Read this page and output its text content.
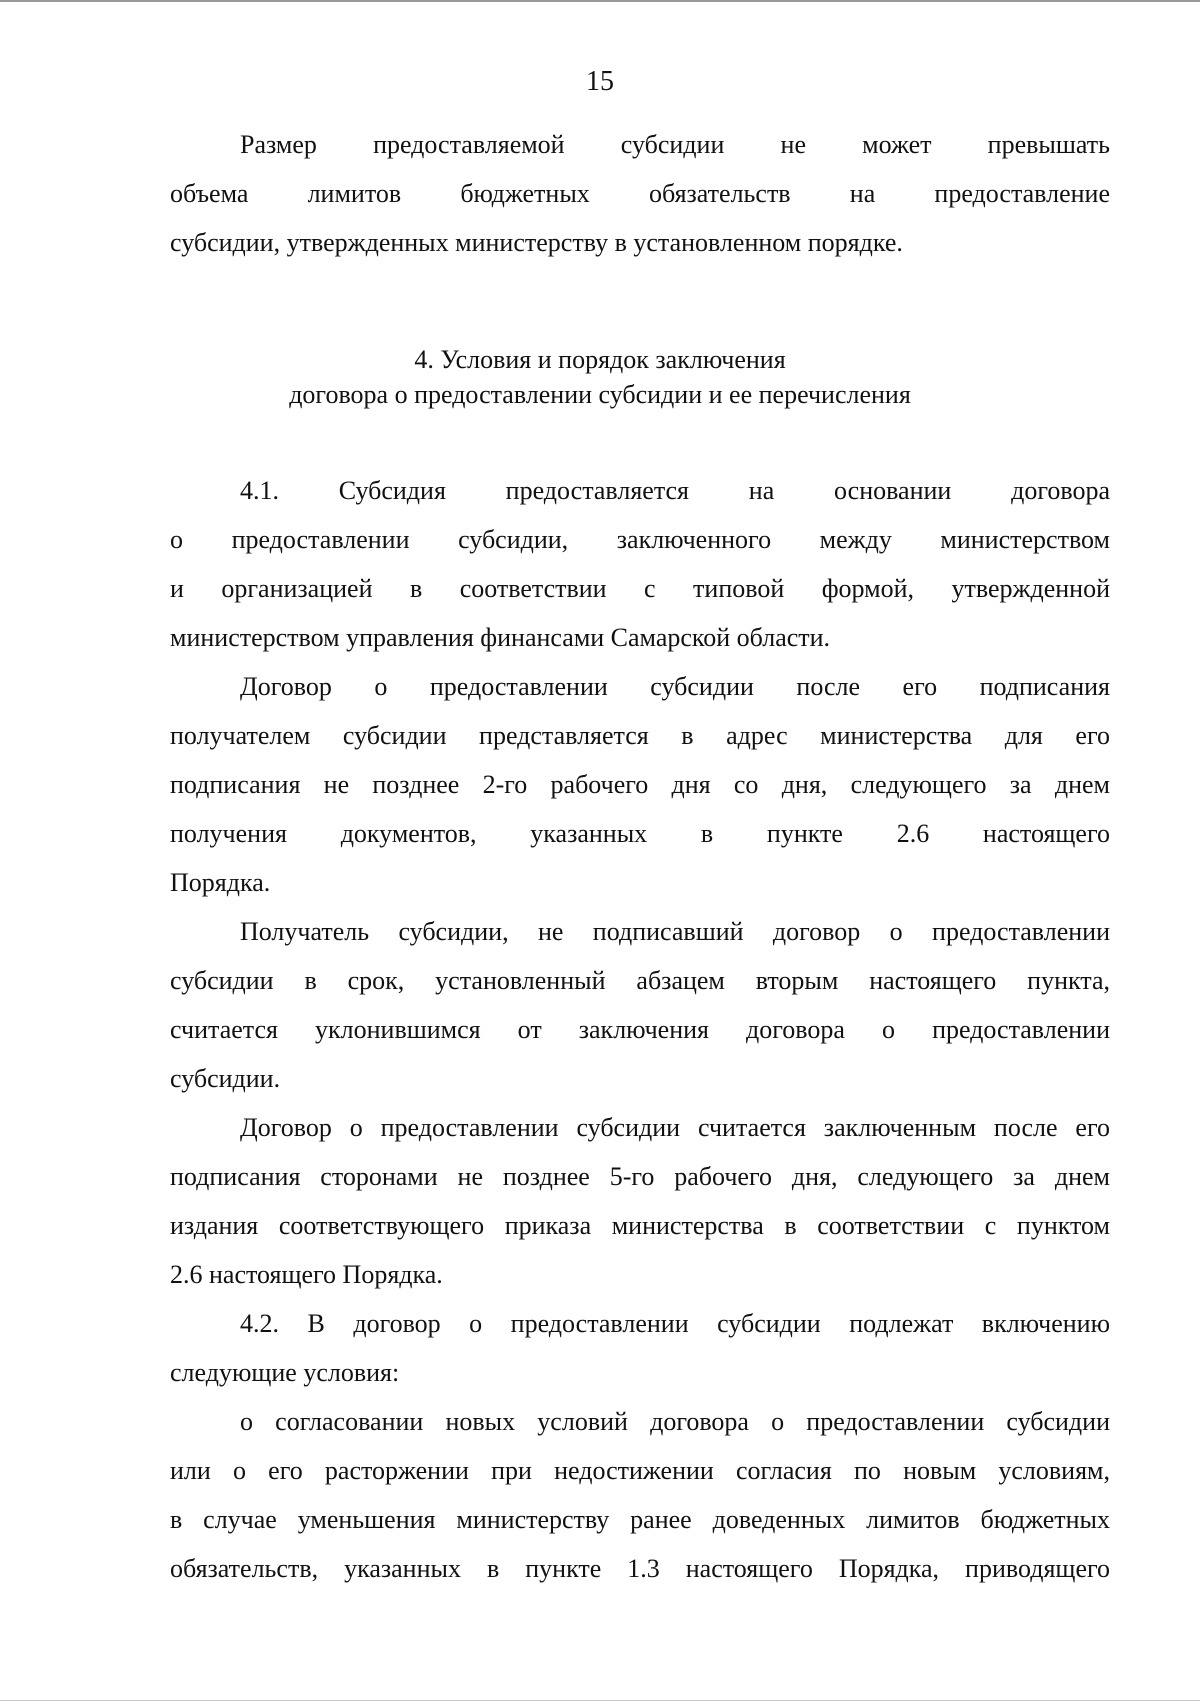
15
Размер предоставляемой субсидии не может превышать
объема лимитов бюджетных обязательств на предоставление
субсидии, утвержденных министерству в установленном порядке.
4. Условия и порядок заключения
договора о предоставлении субсидии и ее перечисления
4.1. Субсидия предоставляется на основании договора
о предоставлении субсидии, заключенного между министерством
и организацией в соответствии с типовой формой, утвержденной
министерством управления финансами Самарской области.
Договор о предоставлении субсидии после его подписания
получателем субсидии представляется в адрес министерства для его
подписания не позднее 2-го рабочего дня со дня, следующего за днем
получения документов, указанных в пункте 2.6 настоящего
Порядка.
Получатель субсидии, не подписавший договор о предоставлении
субсидии в срок, установленный абзацем вторым настоящего пункта,
считается уклонившимся от заключения договора о предоставлении
субсидии.
Договор о предоставлении субсидии считается заключенным после его
подписания сторонами не позднее 5-го рабочего дня, следующего за днем
издания соответствующего приказа министерства в соответствии с пунктом
2.6 настоящего Порядка.
4.2. В договор о предоставлении субсидии подлежат включению
следующие условия:
о согласовании новых условий договора о предоставлении субсидии
или о его расторжении при недостижении согласия по новым условиям,
в случае уменьшения министерству ранее доведенных лимитов бюджетных
обязательств, указанных в пункте 1.3 настоящего Порядка, приводящего
